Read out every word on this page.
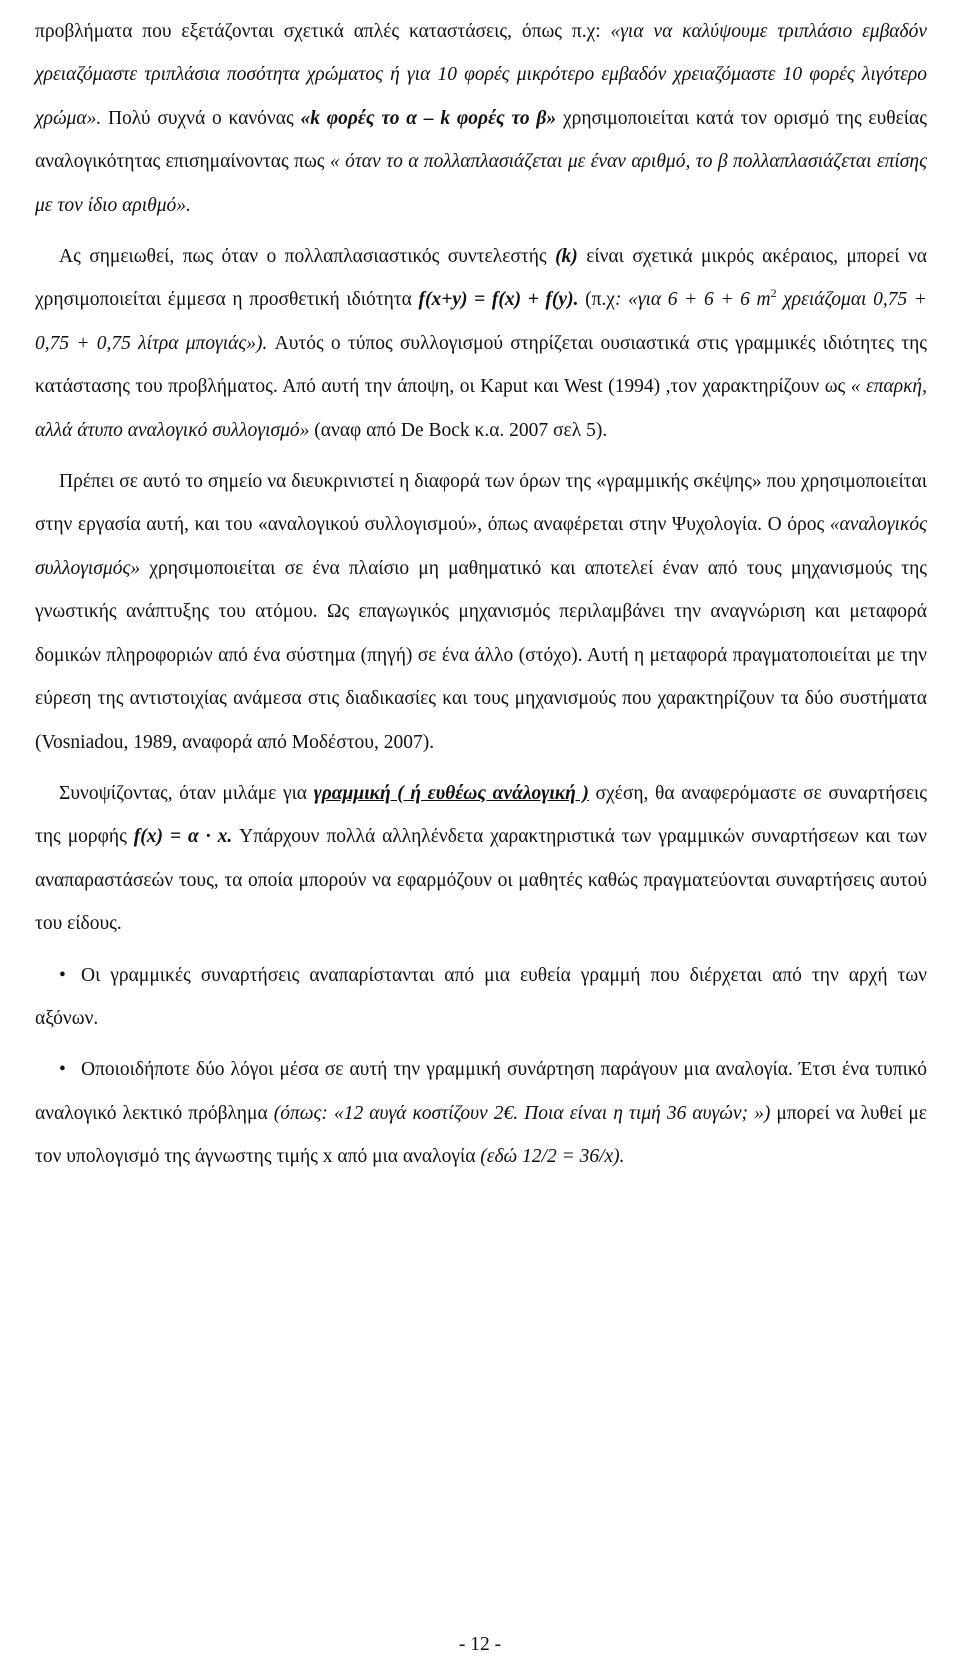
προβλήματα που εξετάζονται σχετικά απλές καταστάσεις, όπως π.χ: «για να καλύψουμε τριπλάσιο εμβαδόν χρειαζόμαστε τριπλάσια ποσότητα χρώματος ή για 10 φορές μικρότερο εμβαδόν χρειαζόμαστε 10 φορές λιγότερο χρώμα». Πολύ συχνά ο κανόνας «k φορές το α – k φορές το β» χρησιμοποιείται κατά τον ορισμό της ευθείας αναλογικότητας επισημαίνοντας πως « όταν το α πολλαπλασιάζεται με έναν αριθμό, το β πολλαπλασιάζεται επίσης με τον ίδιο αριθμό».

Ας σημειωθεί, πως όταν ο πολλαπλασιαστικός συντελεστής (k) είναι σχετικά μικρός ακέραιος, μπορεί να χρησιμοποιείται έμμεσα η προσθετική ιδιότητα f(x+y) = f(x) + f(y). (π.χ: «για 6 + 6 + 6 $m^2$ χρειάζομαι 0,75 + 0,75 + 0,75 λίτρα μπογιάς»). Αυτός ο τύπος συλλογισμού στηρίζεται ουσιαστικά στις γραμμικές ιδιότητες της κατάστασης του προβλήματος. Από αυτή την άποψη, οι Kaput και West (1994) ,τον χαρακτηρίζουν ως « επαρκή, αλλά άτυπο αναλογικό συλλογισμό» (αναφ από De Bock κ.α. 2007 σελ 5).

Πρέπει σε αυτό το σημείο να διευκρινιστεί η διαφορά των όρων της «γραμμικής σκέψης» που χρησιμοποιείται στην εργασία αυτή, και του «αναλογικού συλλογισμού», όπως αναφέρεται στην Ψυχολογία. Ο όρος «αναλογικός συλλογισμός» χρησιμοποιείται σε ένα πλαίσιο μη μαθηματικό και αποτελεί έναν από τους μηχανισμούς της γνωστικής ανάπτυξης του ατόμου. Ως επαγωγικός μηχανισμός περιλαμβάνει την αναγνώριση και μεταφορά δομικών πληροφοριών από ένα σύστημα (πηγή) σε ένα άλλο (στόχο). Αυτή η μεταφορά πραγματοποιείται με την εύρεση της αντιστοιχίας ανάμεσα στις διαδικασίες και τους μηχανισμούς που χαρακτηρίζουν τα δύο συστήματα (Vosniadou, 1989, αναφορά από Μοδέστου, 2007).

Συνοψίζοντας, όταν μιλάμε για γραμμική ( ή ευθέως ανάλογική ) σχέση, θα αναφερόμαστε σε συναρτήσεις της μορφής f(x) = α · x. Υπάρχουν πολλά αλληλένδετα χαρακτηριστικά των γραμμικών συναρτήσεων και των αναπαραστάσεών τους, τα οποία μπορούν να εφαρμόζουν οι μαθητές καθώς πραγματεύονται συναρτήσεις αυτού του είδους.

• Οι γραμμικές συναρτήσεις αναπαρίστανται από μια ευθεία γραμμή που διέρχεται από την αρχή των αξόνων.

• Οποιοιδήποτε δύο λόγοι μέσα σε αυτή την γραμμική συνάρτηση παράγουν μια αναλογία. Έτσι ένα τυπικό αναλογικό λεκτικό πρόβλημα (όπως: «12 αυγά κοστίζουν 2€. Ποια είναι η τιμή 36 αυγών; ») μπορεί να λυθεί με τον υπολογισμό της άγνωστης τιμής x από μια αναλογία (εδώ 12/2 = 36/x).

- 12 -
